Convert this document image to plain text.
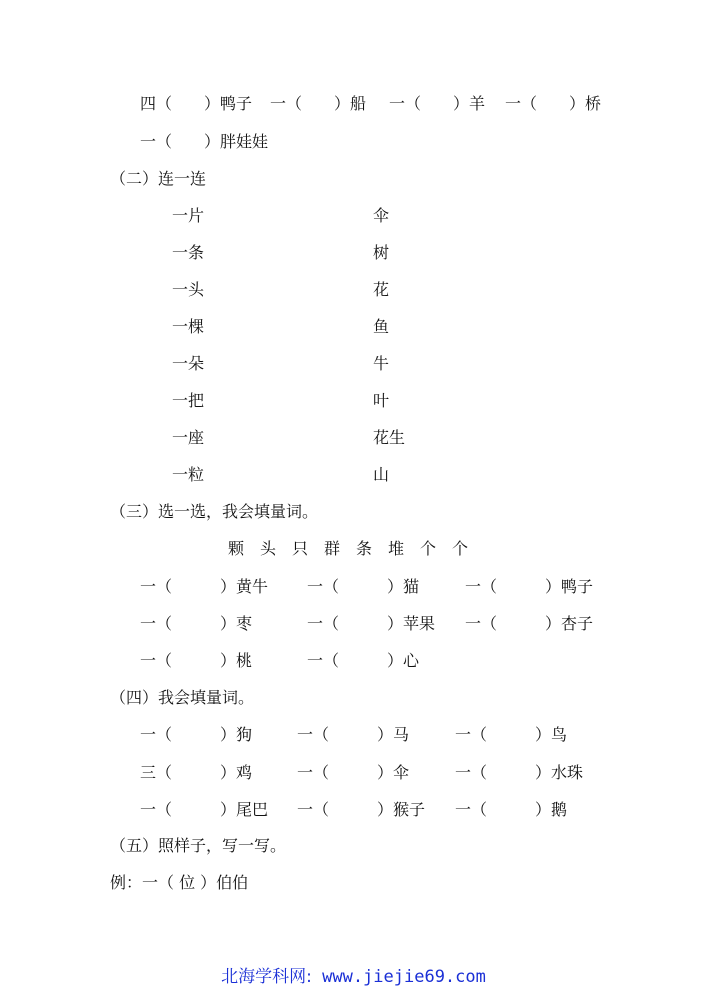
四（　　）鸭子 一（　　）船 一（　　）羊 一（　　）桥
一（　　）胖娃娃
（二）连一连
一片	伞
一条	树
一头	花
一棵	鱼
一朵	牛
一把	叶
一座	花生
一粒	山
（三）选一选，我会填量词。
颗　头　只　群　条　堆　个　个
一（　　　）黄牛 一（　　　）猫	一（　　　）鸭子
一（　　　）枣	一（　　　）苹果 一（　　　）杏子
一（　　　）桃	一（　　　）心
（四）我会填量词。
一（　　　）狗	一（　　　）马	一（　　　）鸟
三（　　　）鸡	一（　　　）伞	一（　　　）水珠
一（　　　）尾巴 一（　　　）猴子 一（　　　）鹅
（五）照样子，写一写。
例：一（ 位 ）伯伯
北海学科网: www.jiejie69.com
